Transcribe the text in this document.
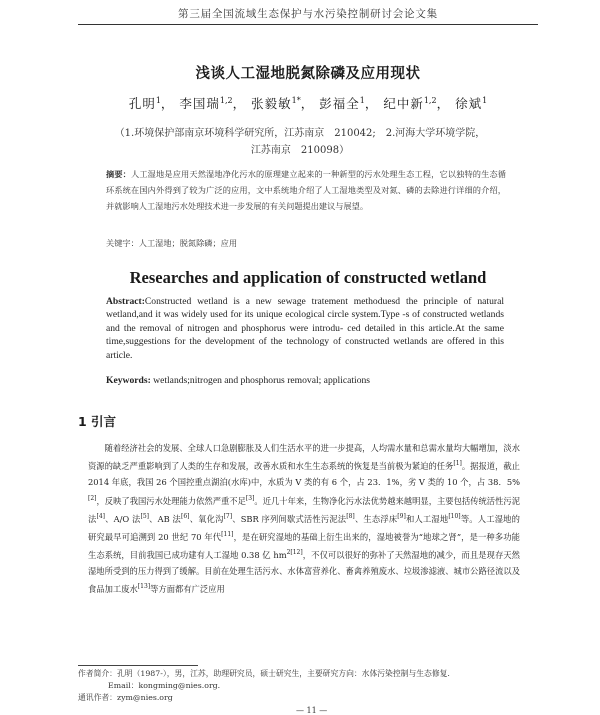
第三届全国流域生态保护与水污染控制研讨会论文集
浅谈人工湿地脱氮除磷及应用现状
孔明$^1$， 李国瑞$^{1,2}$， 张毅敏$^{1*}$， 彭福全$^1$， 纪中新$^{1,2}$， 徐斌$^1$
（1.环境保护部南京环境科学研究所，江苏南京　210042;　2.河海大学环境学院，
江苏南京　210098）
摘要：人工湿地是应用天然湿地净化污水的原理建立起来的一种新型的污水处理生态工程，它以独特的生态循环系统在国内外得到了较为广泛的应用，文中系统地介绍了人工湿地类型及对氮、磷的去除进行详细的介绍，并就影响人工湿地污水处理技术进一步发展的有关问题提出建议与展望。
关键字：人工湿地；脱氮除磷；应用
Researches and application of constructed wetland
Abstract:Constructed wetland is a new sewage tratement methoduesd the principle of natural wetland,and it was widely used for its unique ecological circle system.Type -s of constructed wetlands and the removal of nitrogen and phosphorus were introdu- ced detailed in this article.At the same time,suggestions for the development of the technology of constructed wetlands are offered in this article.
Keywords: wetlands;nitrogen and phosphorus removal; applications
1 引言

随着经济社会的发展、全球人口急剧膨胀及人们生活水平的进一步提高，人均需水量和总需水量均大幅增加，淡水资源的缺乏严重影响到了人类的生存和发展，改善水质和水生生态系统的恢复是当前极为紧迫的任务[1]。据报道，截止 2014 年底，我国 26 个国控重点湖泊(水库)中，水质为 V 类的有 6 个，占 23．1%，劣 V 类的 10 个，占 38．5%[2]，反映了我国污水处理能力依然严重不足[3]。近几十年来，生物净化污水法优势越来越明显，主要包括传统活性污泥法[4]、A/O 法[5]、AB 法[6]、氧化沟[7]、SBR 序列间歇式活性污泥法[8]、生态浮床[9]和人工湿地[10]等。人工湿地的研究最早可追溯到 20 世纪 70 年代[11]，是在研究湿地的基础上衍生出来的，湿地被誉为“地球之肾”，是一种多功能生态系统，目前我国已成功建有人工湿地 0.38 亿 $hm^{2[12]}$，不仅可以很好的弥补了天然湿地的减少，而且是现存天然湿地所受到的压力得到了缓解。目前在处理生活污水、水体富营养化、畜禽养殖废水、垃圾渗滤液、城市公路径流以及食品加工废水[13]等方面都有广泛应用

作者简介：孔明（1987-），男，江苏，助理研究员，硕士研究生，主要研究方向：水体污染控制与生态修复.
Email：kongming@nies.org.
通讯作者：zym@nies.org
— 11 —
